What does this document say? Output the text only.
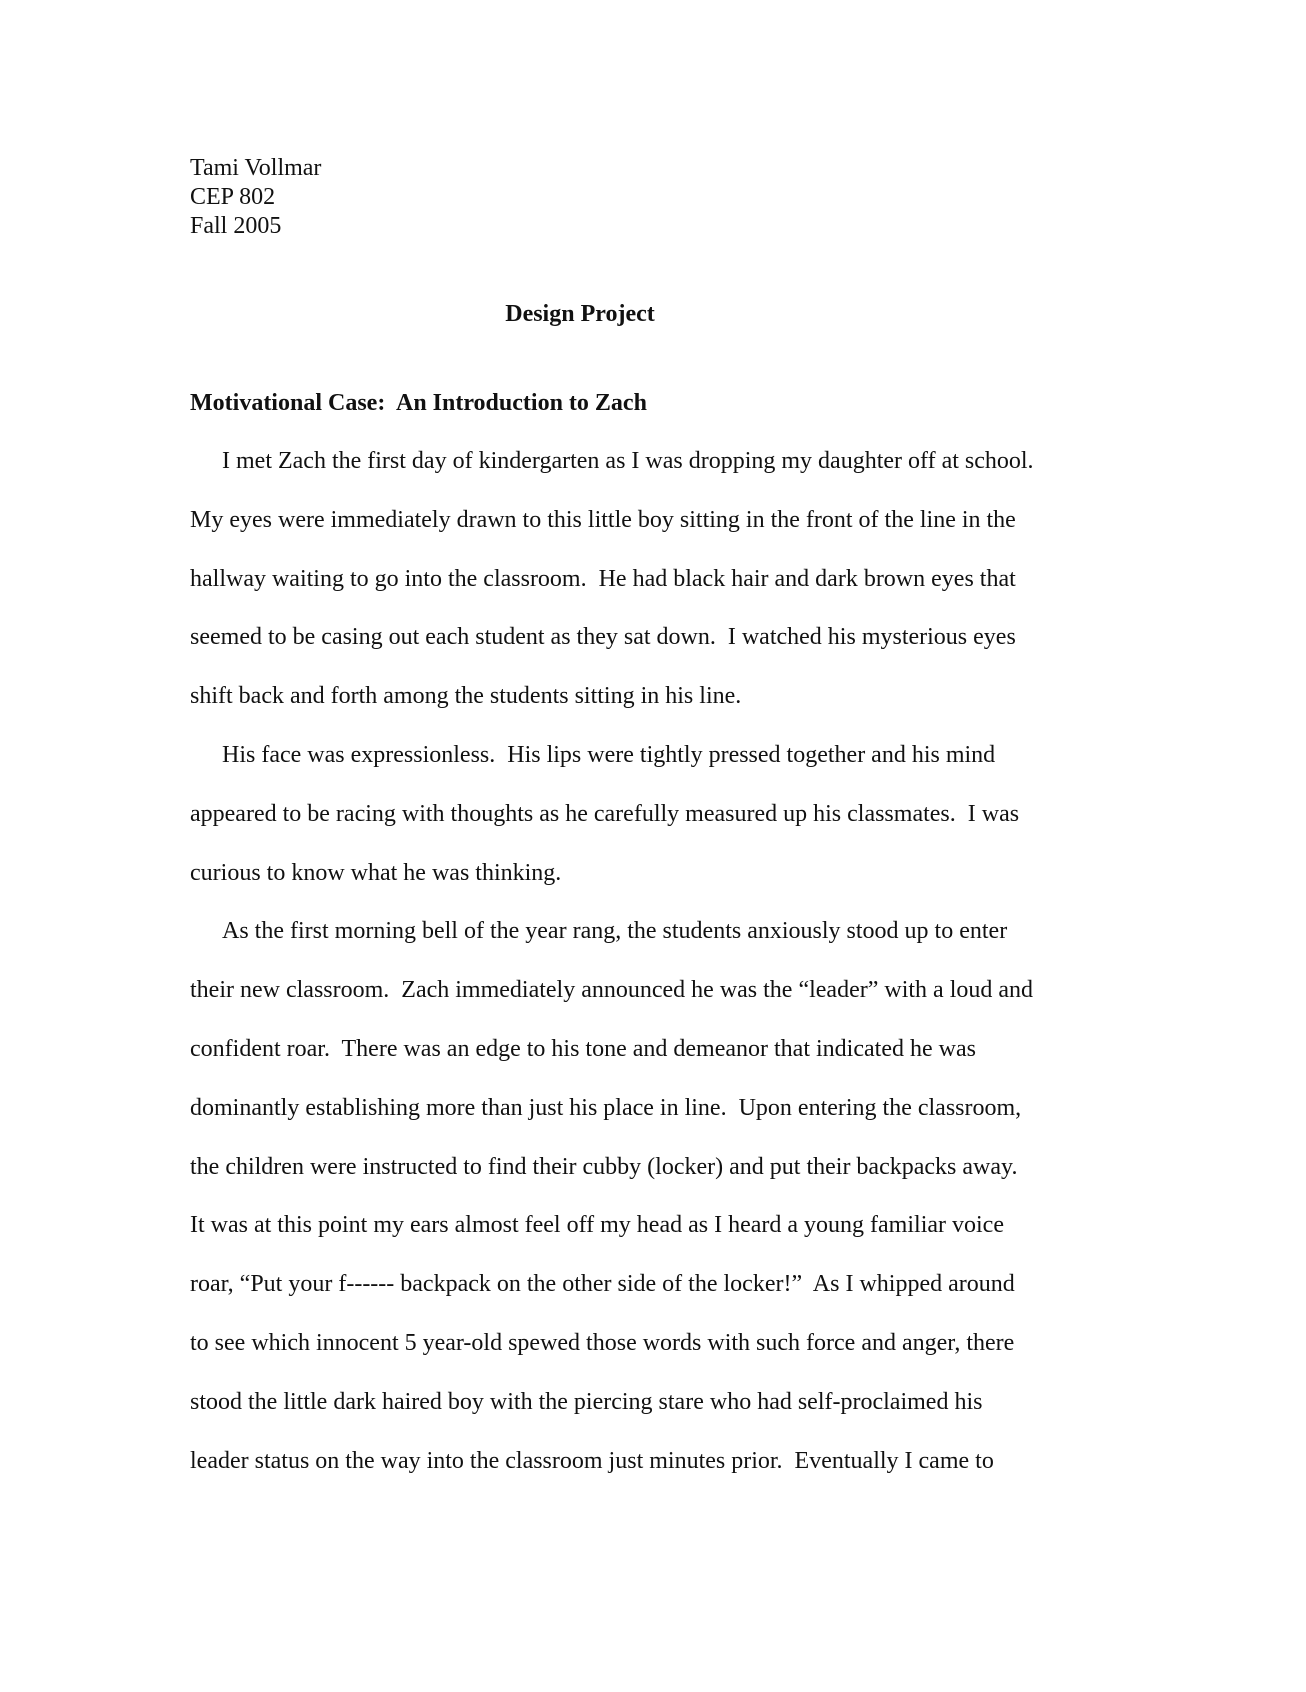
Tami Vollmar
CEP 802
Fall 2005
Design Project
Motivational Case:  An Introduction to Zach
I met Zach the first day of kindergarten as I was dropping my daughter off at school.
My eyes were immediately drawn to this little boy sitting in the front of the line in the
hallway waiting to go into the classroom.  He had black hair and dark brown eyes that
seemed to be casing out each student as they sat down.  I watched his mysterious eyes
shift back and forth among the students sitting in his line.
His face was expressionless.  His lips were tightly pressed together and his mind
appeared to be racing with thoughts as he carefully measured up his classmates.  I was
curious to know what he was thinking.
As the first morning bell of the year rang, the students anxiously stood up to enter
their new classroom.  Zach immediately announced he was the “leader” with a loud and
confident roar.  There was an edge to his tone and demeanor that indicated he was
dominantly establishing more than just his place in line.  Upon entering the classroom,
the children were instructed to find their cubby (locker) and put their backpacks away.
It was at this point my ears almost feel off my head as I heard a young familiar voice
roar, “Put your f------ backpack on the other side of the locker!”  As I whipped around
to see which innocent 5 year-old spewed those words with such force and anger, there
stood the little dark haired boy with the piercing stare who had self-proclaimed his
leader status on the way into the classroom just minutes prior.  Eventually I came to
